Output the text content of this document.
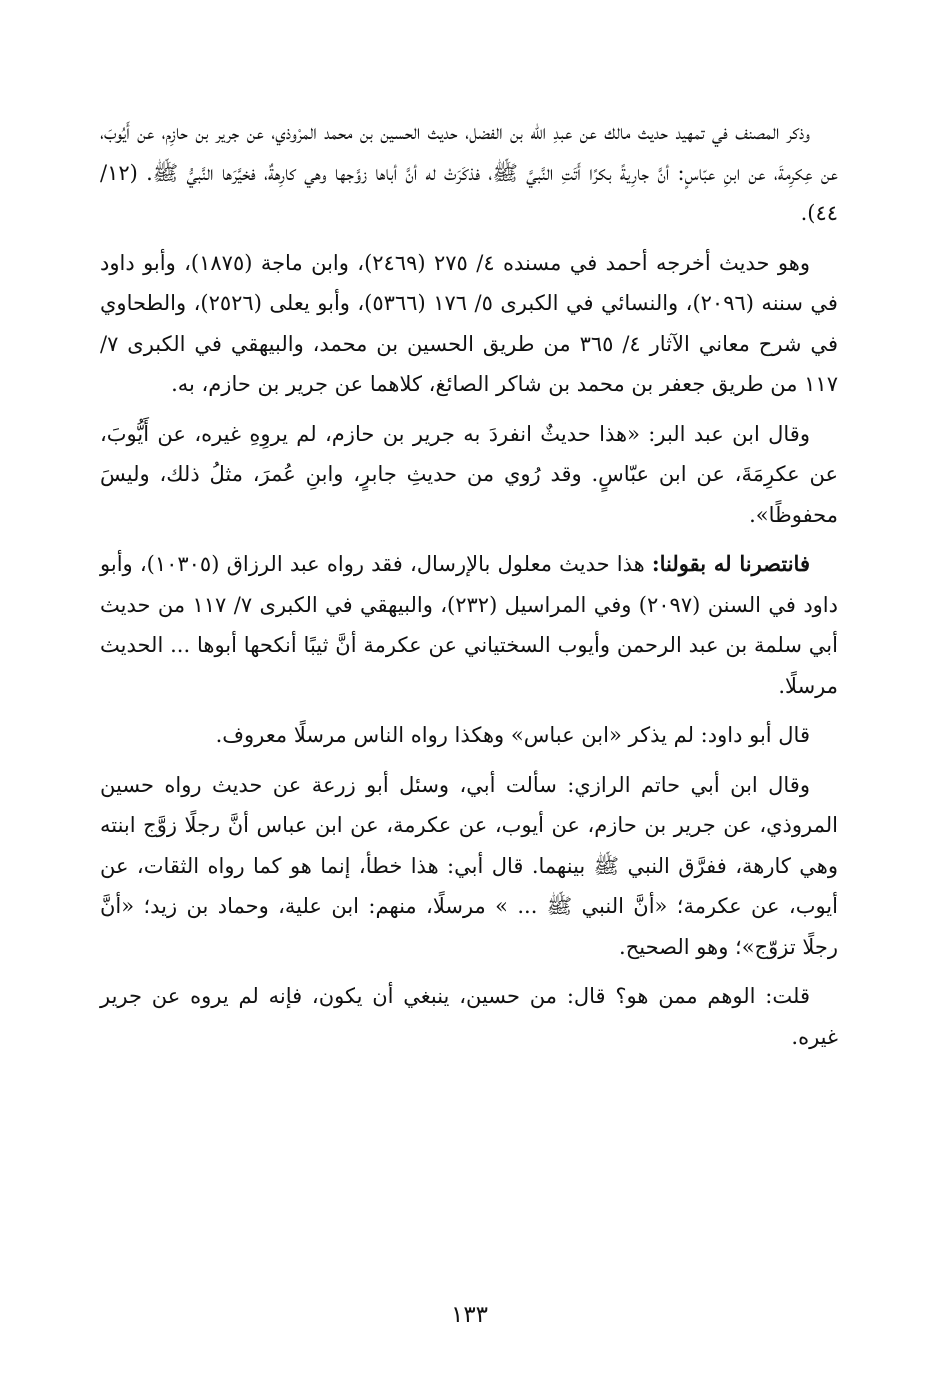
وذكر المصنف في تمهيد حديث مالك عن عبدِ الله بن الفضل، حديث الحسين بن محمد المرْوذي، عن جرير بن حازِم، عن أَيُوبَ، عن عِكرِمةَ، عن ابنِ عبّاسٍ: أنَّ جارِيةً بكرًا أَتَتِ النَّبيَّ ﷺ، فذكَرَتْ له أنَّ أباها زوَّجها وهي كارِهةٌ، فخيَّرَها النَّبيُّ ﷺ. (١٢/ ٤٤).

وهو حديث أخرجه أحمد في مسنده ٤/ ٢٧٥ (٢٤٦٩)، وابن ماجة (١٨٧٥)، وأبو داود في سننه (٢٠٩٦)، والنسائي في الكبرى ٥/ ١٧٦ (٥٣٦٦)، وأبو يعلى (٢٥٢٦)، والطحاوي في شرح معاني الآثار ٤/ ٣٦٥ من طريق الحسين بن محمد، والبيهقي في الكبرى ٧/ ١١٧ من طريق جعفر بن محمد بن شاكر الصائغ، كلاهما عن جرير بن حازم، به.

وقال ابن عبد البر: «هذا حديثٌ انفردَ به جرير بن حازم، لم يروِهِ غيره، عن أَيُّوبَ، عن عكرِمَةَ، عن ابن عبّاسٍ. وقد رُوي من حديثِ جابرٍ، وابنِ عُمرَ، مثلُ ذلك، وليسَ محفوظًا».

فانتصرنا له بقولنا: هذا حديث معلول بالإرسال، فقد رواه عبد الرزاق (١٠٣٠٥)، وأبو داود في السنن (٢٠٩٧) وفي المراسيل (٢٣٢)، والبيهقي في الكبرى ٧/ ١١٧ من حديث أبي سلمة بن عبد الرحمن وأيوب السختياني عن عكرمة أنَّ ثيبًا أنكحها أبوها ... الحديث مرسلًا.

قال أبو داود: لم يذكر «ابن عباس» وهكذا رواه الناس مرسلًا معروف.

وقال ابن أبي حاتم الرازي: سألت أبي، وسئل أبو زرعة عن حديث رواه حسين المروذي، عن جرير بن حازم، عن أيوب، عن عكرمة، عن ابن عباس أنَّ رجلًا زوَّج ابنته وهي كارهة، ففرَّق النبي ﷺ بينهما. قال أبي: هذا خطأ، إنما هو كما رواه الثقات، عن أيوب، عن عكرمة؛ «أنَّ النبي ﷺ ... » مرسلًا، منهم: ابن علية، وحماد بن زيد؛ «أنَّ رجلًا تزوّج»؛ وهو الصحيح.

قلت: الوهم ممن هو؟ قال: من حسين، ينبغي أن يكون، فإنه لم يروه عن جرير غيره.

١٣٣
